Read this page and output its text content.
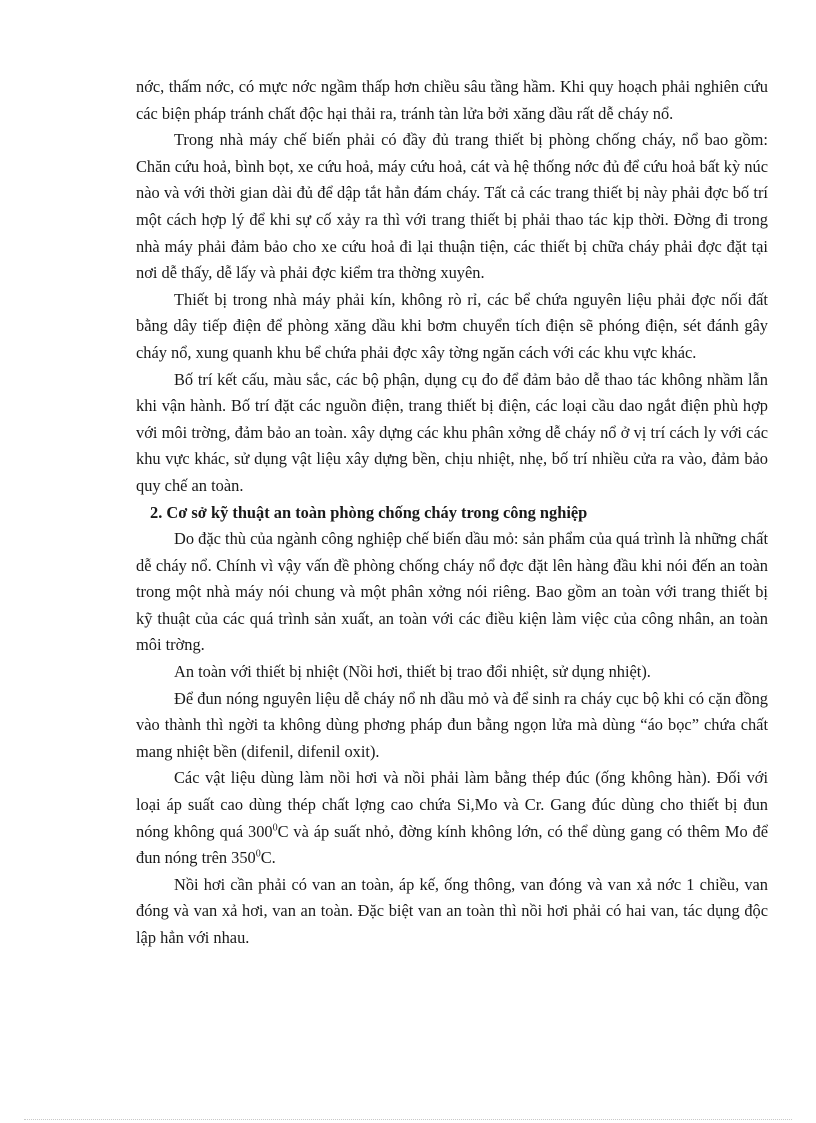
nớc, thấm nớc, có mực nớc ngầm thấp hơn chiều sâu tầng hầm. Khi quy hoạch phải nghiên cứu các biện pháp tránh chất độc hại thải ra, tránh tàn lửa bởi xăng dầu rất dễ cháy nổ.

Trong nhà máy chế biến phải có đầy đủ trang thiết bị phòng chống cháy, nổ bao gồm: Chăn cứu hoả, bình bọt, xe cứu hoả, máy cứu hoả, cát và hệ thống nớc đủ để cứu hoả bất kỳ núc nào và với thời gian dài đủ để dập tắt hẳn đám cháy. Tất cả các trang thiết bị này phải đợc bố trí một cách hợp lý để khi sự cố xảy ra thì với trang thiết bị phải thao tác kịp thời. Đờng đi trong nhà máy phải đảm bảo cho xe cứu hoả đi lại thuận tiện, các thiết bị chữa cháy phải đợc đặt tại nơi dễ thấy, dễ lấy và phải đợc kiểm tra thờng xuyên.

Thiết bị trong nhà máy phải kín, không rò rỉ, các bể chứa nguyên liệu phải đợc nối đất bằng dây tiếp điện để phòng xăng dầu khi bơm chuyển tích điện sẽ phóng điện, sét đánh gây cháy nổ, xung quanh khu bể chứa phải đợc xây tờng ngăn cách với các khu vực khác.

Bố trí kết cấu, màu sắc, các bộ phận, dụng cụ đo để đảm bảo dễ thao tác không nhầm lẫn khi vận hành. Bố trí đặt các nguồn điện, trang thiết bị điện, các loại cầu dao ngắt điện phù hợp với môi trờng, đảm bảo an toàn. xây dựng các khu phân xởng dễ cháy nổ ở vị trí cách ly với các khu vực khác, sử dụng vật liệu xây dựng bền, chịu nhiệt, nhẹ, bố trí nhiều cửa ra vào, đảm bảo quy chế an toàn.

2. Cơ sở kỹ thuật an toàn phòng chống cháy trong công nghiệp

Do đặc thù của ngành công nghiệp chế biến dầu mỏ: sản phẩm của quá trình là những chất dễ cháy nổ. Chính vì vậy vấn đề phòng chống cháy nổ đợc đặt lên hàng đầu khi nói đến an toàn trong một nhà máy nói chung và một phân xởng nói riêng. Bao gồm an toàn với trang thiết bị kỹ thuật của các quá trình sản xuất, an toàn với các điều kiện làm việc của công nhân, an toàn môi trờng.

An toàn với thiết bị nhiệt (Nồi hơi, thiết bị trao đổi nhiệt, sử dụng nhiệt).

Để đun nóng nguyên liệu dễ cháy nổ nh dầu mỏ và để sinh ra cháy cục bộ khi có cặn đồng vào thành thì ngời ta không dùng phơng pháp đun bằng ngọn lửa mà dùng “áo bọc” chứa chất mang nhiệt bền (difenil, difenil oxit).

Các vật liệu dùng làm nồi hơi và nồi phải làm bằng thép đúc (ống không hàn). Đối với loại áp suất cao dùng thép chất lợng cao chứa Si,Mo và Cr. Gang đúc dùng cho thiết bị đun nóng không quá $300^0C$ và áp suất nhỏ, đờng kính không lớn, có thể dùng gang có thêm Mo để đun nóng trên $350^0C$.

Nồi hơi cần phải có van an toàn, áp kế, ống thông, van đóng và van xả nớc 1 chiều, van đóng và van xả hơi, van an toàn. Đặc biệt van an toàn thì nồi hơi phải có hai van, tác dụng độc lập hẳn với nhau.
